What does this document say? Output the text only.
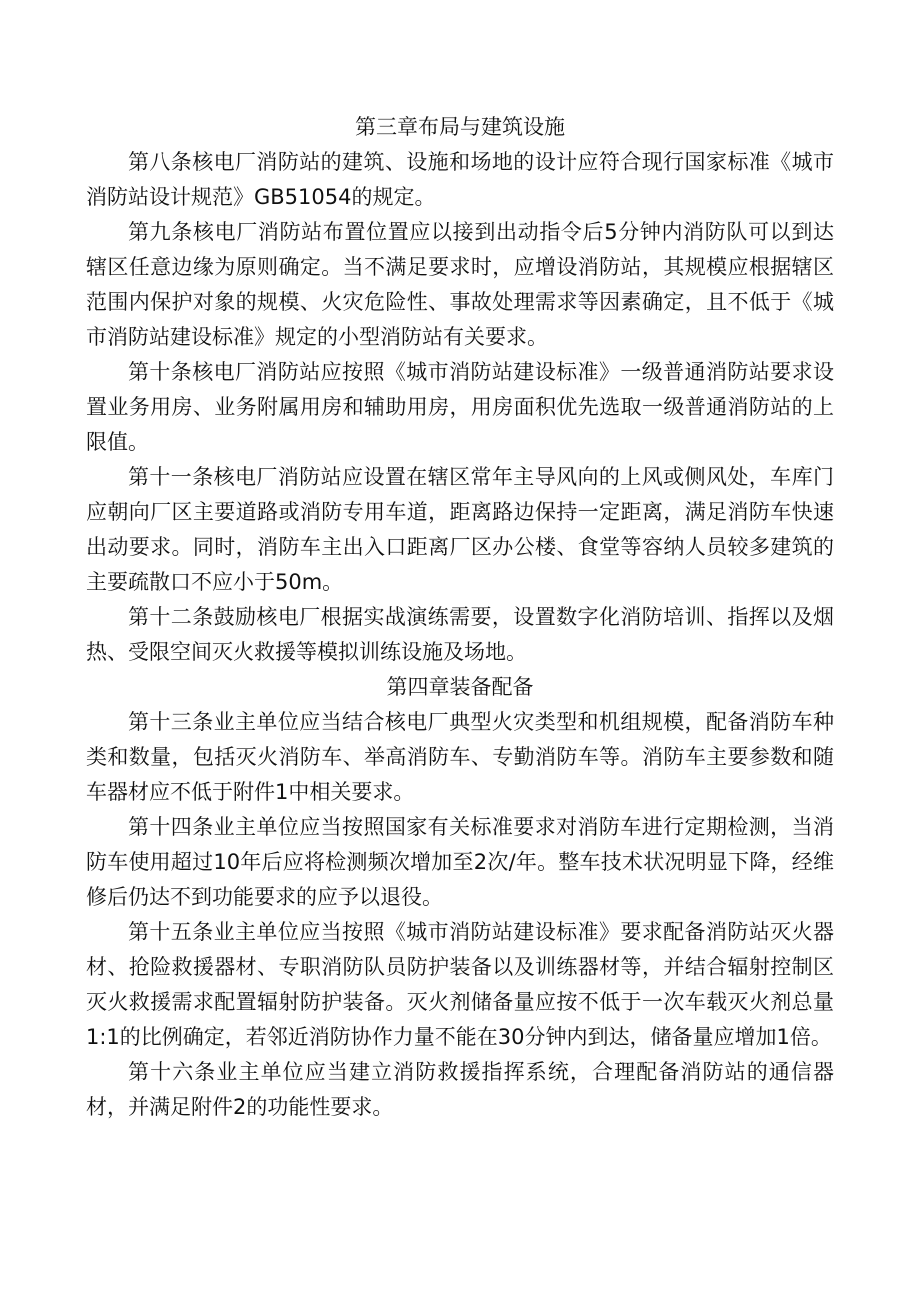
第三章布局与建筑设施

第八条核电厂消防站的建筑、设施和场地的设计应符合现行国家标准《城市消防站设计规范》GB51054的规定。

第九条核电厂消防站布置位置应以接到出动指令后5分钟内消防队可以到达辖区任意边缘为原则确定。当不满足要求时，应增设消防站，其规模应根据辖区范围内保护对象的规模、火灾危险性、事故处理需求等因素确定，且不低于《城市消防站建设标准》规定的小型消防站有关要求。

第十条核电厂消防站应按照《城市消防站建设标准》一级普通消防站要求设置业务用房、业务附属用房和辅助用房，用房面积优先选取一级普通消防站的上限值。

第十一条核电厂消防站应设置在辖区常年主导风向的上风或侧风处，车库门应朝向厂区主要道路或消防专用车道，距离路边保持一定距离，满足消防车快速出动要求。同时，消防车主出入口距离厂区办公楼、食堂等容纳人员较多建筑的主要疏散口不应小于50m。

第十二条鼓励核电厂根据实战演练需要，设置数字化消防培训、指挥以及烟热、受限空间灭火救援等模拟训练设施及场地。

第四章装备配备

第十三条业主单位应当结合核电厂典型火灾类型和机组规模，配备消防车种类和数量，包括灭火消防车、举高消防车、专勤消防车等。消防车主要参数和随车器材应不低于附件1中相关要求。

第十四条业主单位应当按照国家有关标准要求对消防车进行定期检测，当消防车使用超过10年后应将检测频次增加至2次/年。整车技术状况明显下降，经维修后仍达不到功能要求的应予以退役。

第十五条业主单位应当按照《城市消防站建设标准》要求配备消防站灭火器材、抢险救援器材、专职消防队员防护装备以及训练器材等，并结合辐射控制区灭火救援需求配置辐射防护装备。灭火剂储备量应按不低于一次车载灭火剂总量1:1的比例确定，若邻近消防协作力量不能在30分钟内到达，储备量应增加1倍。

第十六条业主单位应当建立消防救援指挥系统，合理配备消防站的通信器材，并满足附件2的功能性要求。
